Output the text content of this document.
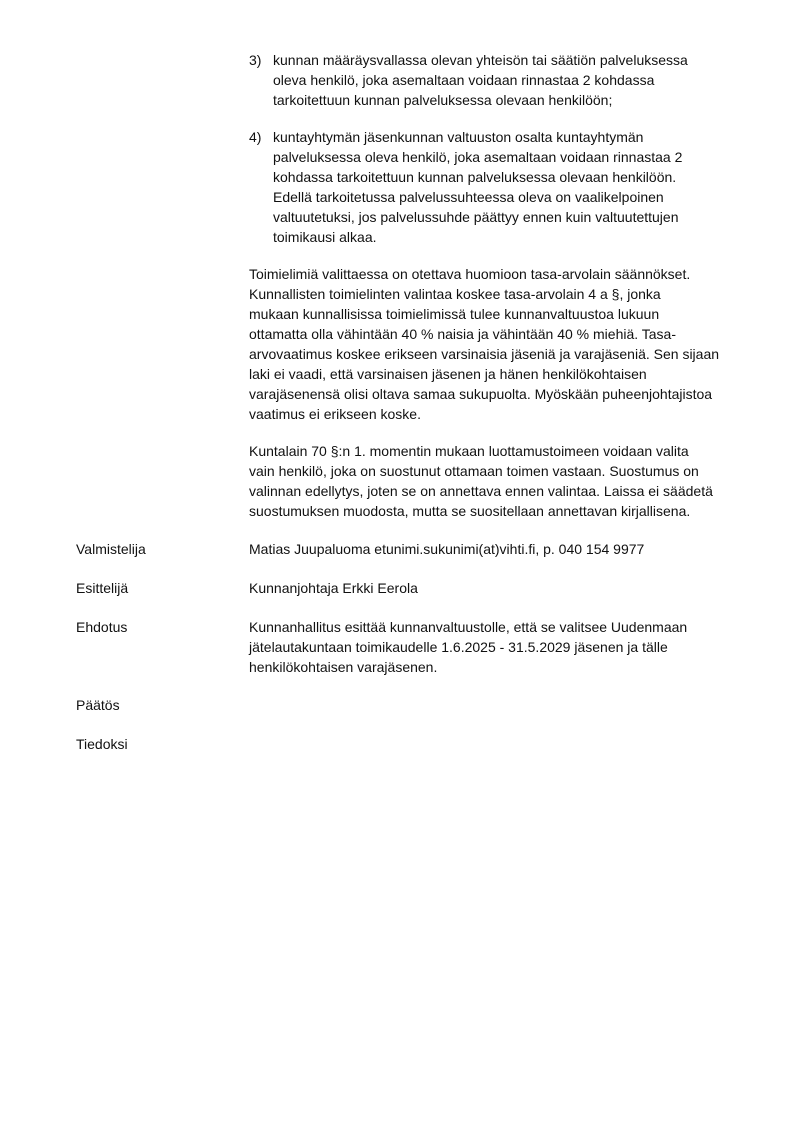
3) kunnan määräysvallassa olevan yhteisön tai säätiön palveluksessa
oleva henkilö, joka asemaltaan voidaan rinnastaa 2 kohdassa
tarkoitettuun kunnan palveluksessa olevaan henkilöön;
4) kuntayhtymän jäsenkunnan valtuuston osalta kuntayhtymän
palveluksessa oleva henkilö, joka asemaltaan voidaan rinnastaa 2
kohdassa tarkoitettuun kunnan palveluksessa olevaan henkilöön.
Edellä tarkoitetussa palvelussuhteessa oleva on vaalikelpoinen
valtuutetuksi, jos palvelussuhde päättyy ennen kuin valtuutettujen
toimikausi alkaa.
Toimielimiä valittaessa on otettava huomioon tasa-arvolain säännökset.
Kunnallisten toimielinten valintaa koskee tasa-arvolain 4 a §, jonka
mukaan kunnallisissa toimielimissä tulee kunnanvaltuustoa lukuun
ottamatta olla vähintään 40 % naisia ja vähintään 40 % miehiä. Tasa-
arvovaatimus koskee erikseen varsinaisia jäseniä ja varajäseniä. Sen sijaan
laki ei vaadi, että varsinaisen jäsenen ja hänen henkilökohtaisen
varajäsenensä olisi oltava samaa sukupuolta. Myöskään puheenjohtajistoa
vaatimus ei erikseen koske.
Kuntalain 70 §:n 1. momentin mukaan luottamustoimeen voidaan valita
vain henkilö, joka on suostunut ottamaan toimen vastaan. Suostumus on
valinnan edellytys, joten se on annettava ennen valintaa. Laissa ei säädetä
suostumuksen muodosta, mutta se suositellaan annettavan kirjallisena.
Valmistelija	Matias Juupaluoma etunimi.sukunimi(at)vihti.fi, p. 040 154 9977
Esittelijä	Kunnanjohtaja Erkki Eerola
Ehdotus	Kunnanhallitus esittää kunnanvaltuustolle, että se valitsee Uudenmaan
jätelautakuntaan toimikaudelle 1.6.2025 - 31.5.2029 jäsenen ja tälle
henkilökohtaisen varajäsenen.
Päätös
Tiedoksi
